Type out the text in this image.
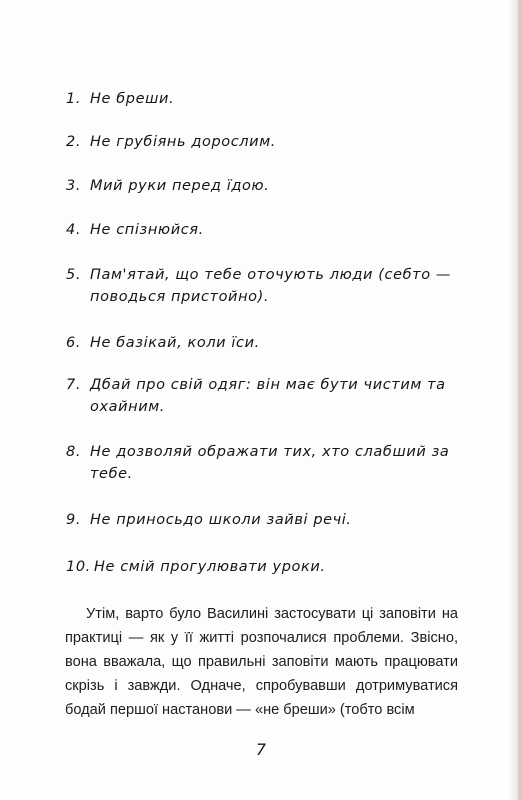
1. Не бреши.
2. Не грубіянь дорослим.
3. Мий руки перед їдою.
4. Не спізнюйся.
5. Пам'ятай, що тебе оточують люди (себто — поводься пристойно).
6. Не базікай, коли їси.
7. Дбай про свій одяг: він має бути чистим та охайним.
8. Не дозволяй ображати тих, хто слабший за тебе.
9. Не приносьдо школи зайві речі.
10. Не смій прогулювати уроки.

Утім, варто було Василині застосувати ці заповіти на практиці — як у її житті розпочалися проблеми. Звісно, вона вважала, що правильні заповіти мають працювати скрізь і завжди. Одначе, спробувавши дотримуватися бодай першої настанови — «не бреши» (тобто всім

7
